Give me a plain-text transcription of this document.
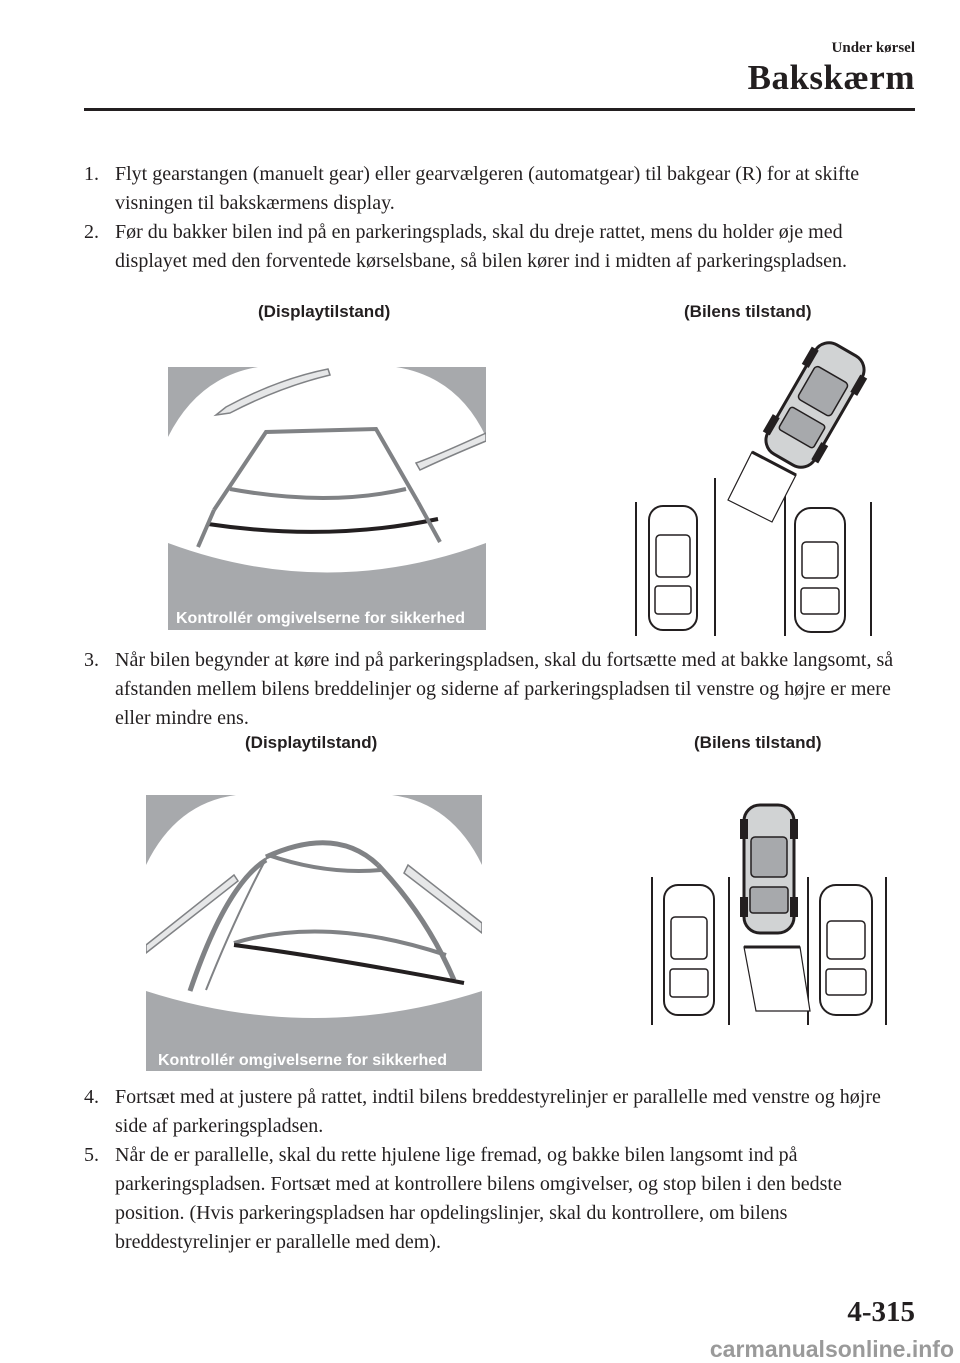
Under kørsel
Bakskærm
1. Flyt gearstangen (manuelt gear) eller gearvælgeren (automatgear) til bakgear (R) for at skifte visningen til bakskærmens display.
2. Før du bakker bilen ind på en parkeringsplads, skal du dreje rattet, mens du holder øje med displayet med den forventede kørselsbane, så bilen kører ind i midten af parkeringspladsen.
(Displaytilstand)	(Bilens tilstand)
Kontrollér omgivelserne for sikkerhed
3. Når bilen begynder at køre ind på parkeringspladsen, skal du fortsætte med at bakke langsomt, så afstanden mellem bilens breddelinjer og siderne af parkeringspladsen til venstre og højre er mere eller mindre ens.
(Displaytilstand)	(Bilens tilstand)
Kontrollér omgivelserne for sikkerhed
4. Fortsæt med at justere på rattet, indtil bilens breddestyrelinjer er parallelle med venstre og højre side af parkeringspladsen.
5. Når de er parallelle, skal du rette hjulene lige fremad, og bakke bilen langsomt ind på parkeringspladsen. Fortsæt med at kontrollere bilens omgivelser, og stop bilen i den bedste position. (Hvis parkeringspladsen har opdelingslinjer, skal du kontrollere, om bilens breddestyrelinjer er parallelle med dem).
4-315
carmanualsonline.info
